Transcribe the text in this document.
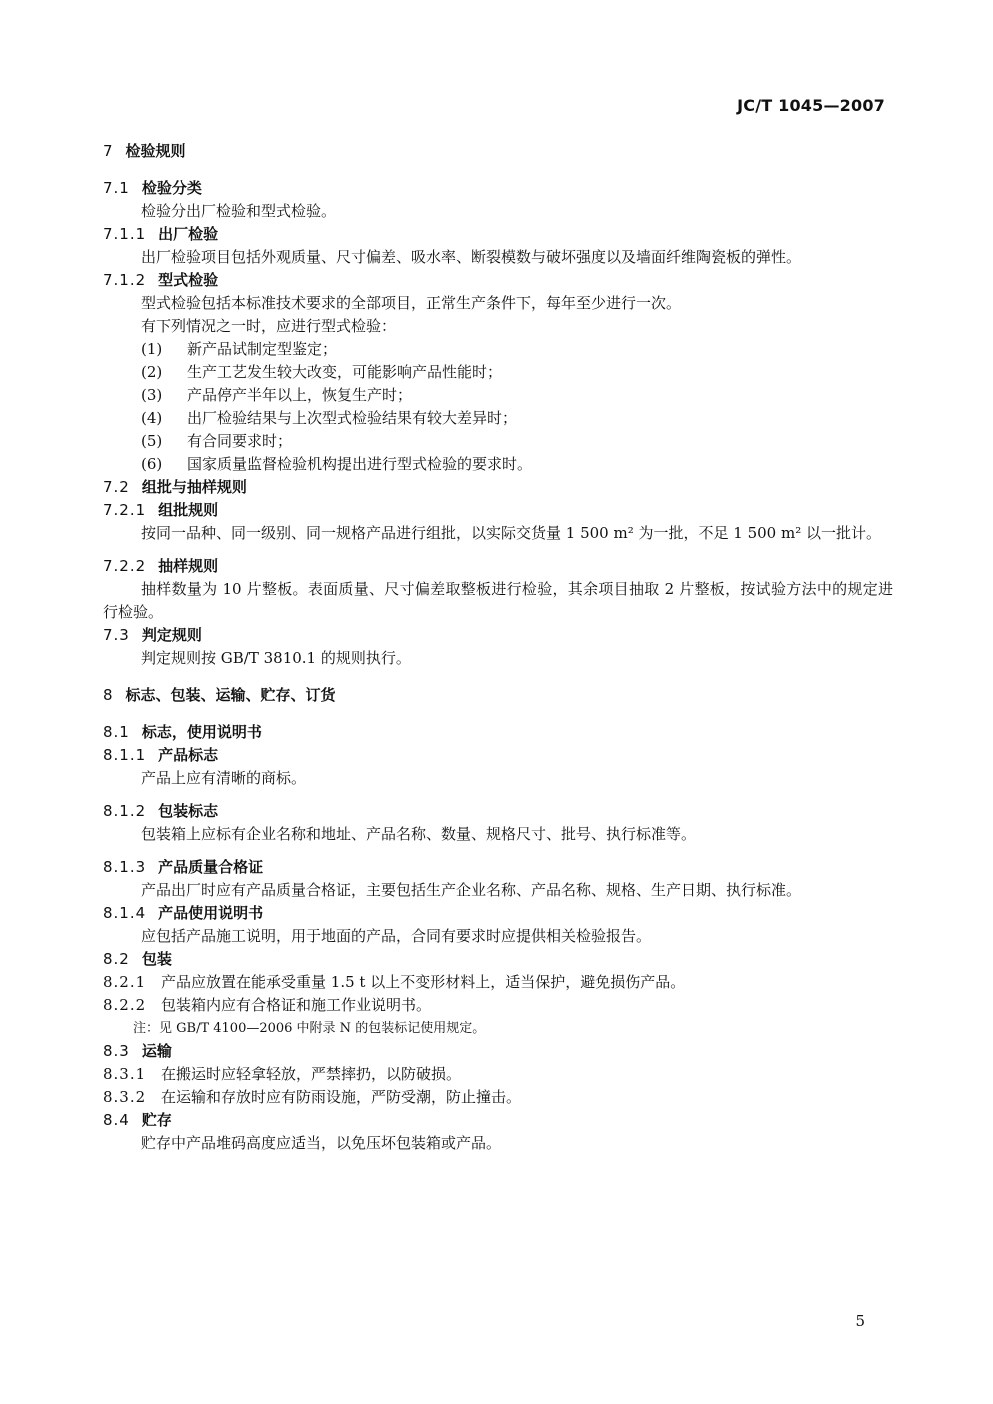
JC/T 1045—2007
7 检验规则
7.1 检验分类
检验分出厂检验和型式检验。
7.1.1 出厂检验
出厂检验项目包括外观质量、尺寸偏差、吸水率、断裂模数与破坏强度以及墙面纤维陶瓷板的弹性。
7.1.2 型式检验
型式检验包括本标准技术要求的全部项目，正常生产条件下，每年至少进行一次。
有下列情况之一时，应进行型式检验：
(1) 新产品试制定型鉴定；
(2) 生产工艺发生较大改变，可能影响产品性能时；
(3) 产品停产半年以上，恢复生产时；
(4) 出厂检验结果与上次型式检验结果有较大差异时；
(5) 有合同要求时；
(6) 国家质量监督检验机构提出进行型式检验的要求时。
7.2 组批与抽样规则
7.2.1 组批规则
按同一品种、同一级别、同一规格产品进行组批，以实际交货量 1 500 m² 为一批，不足 1 500 m² 以一批计。
7.2.2 抽样规则
抽样数量为 10 片整板。表面质量、尺寸偏差取整板进行检验，其余项目抽取 2 片整板，按试验方法中的规定进行检验。
7.3 判定规则
判定规则按 GB/T 3810.1 的规则执行。
8 标志、包装、运输、贮存、订货
8.1 标志，使用说明书
8.1.1 产品标志
产品上应有清晰的商标。
8.1.2 包装标志
包装箱上应标有企业名称和地址、产品名称、数量、规格尺寸、批号、执行标准等。
8.1.3 产品质量合格证
产品出厂时应有产品质量合格证，主要包括生产企业名称、产品名称、规格、生产日期、执行标准。
8.1.4 产品使用说明书
应包括产品施工说明，用于地面的产品，合同有要求时应提供相关检验报告。
8.2 包装
8.2.1 产品应放置在能承受重量 1.5 t 以上不变形材料上，适当保护，避免损伤产品。
8.2.2 包装箱内应有合格证和施工作业说明书。
注：见 GB/T 4100—2006 中附录 N 的包装标记使用规定。
8.3 运输
8.3.1 在搬运时应轻拿轻放，严禁摔扔，以防破损。
8.3.2 在运输和存放时应有防雨设施，严防受潮，防止撞击。
8.4 贮存
贮存中产品堆码高度应适当，以免压坏包装箱或产品。
5
